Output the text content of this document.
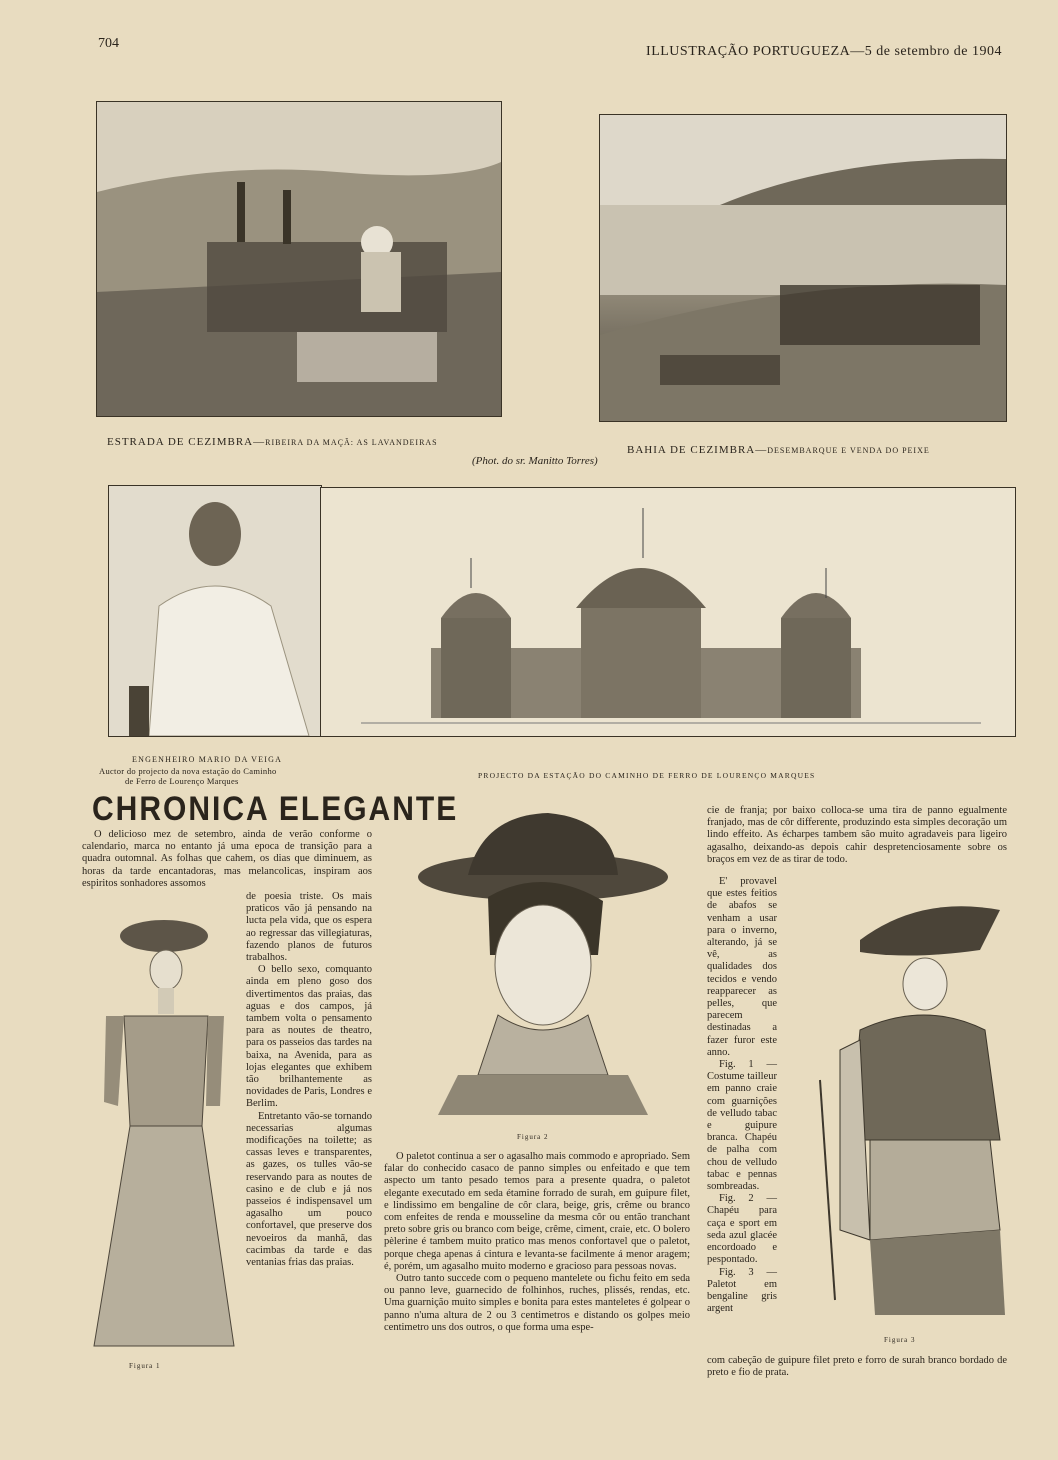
704
ILLUSTRAÇÃO PORTUGUEZA—5 de setembro de 1904
ESTRADA DE CEZIMBRA—RIBEIRA DA MAÇÃ: AS LAVANDEIRAS
BAHIA DE CEZIMBRA—DESEMBARQUE E VENDA DO PEIXE
(Phot. do sr. Manitto Torres)
ENGENHEIRO MARIO DA VEIGA
Auctor do projecto da nova estação do Caminho
de Ferro de Lourenço Marques
PROJECTO DA ESTAÇÃO DO CAMINHO DE FERRO DE LOURENÇO MARQUES
CHRONICA ELEGANTE

O delicioso mez de setembro, ainda de verão conforme o calendario, marca no entanto já uma epoca de transição para a quadra outomnal. As folhas que cahem, os dias que diminuem, as horas da tarde encantadoras, mas melancolicas, inspiram aos espiritos sonhadores assomos

de poesia triste. Os mais praticos vão já pensando na lucta pela vida, que os espera ao regressar das villegiaturas, fazendo planos de futuros trabalhos.

O bello sexo, comquanto ainda em pleno goso dos divertimentos das praias, das aguas e dos campos, já tambem volta o pensamento para as noutes de theatro, para os passeios das tardes na baixa, na Avenida, para as lojas elegantes que exhibem tão brilhantemente as novidades de Paris, Londres e Berlim.

Entretanto vão-se tornando necessarias algumas modificações na toilette; as cassas leves e transparentes, as gazes, os tulles vão-se reservando para as noutes de casino e de club e já nos passeios é indispensavel um agasalho um pouco confortavel, que preserve dos nevoeiros da manhã, das cacimbas da tarde e das ventanias frias das praias.

Figura 1
Figura 2

O paletot continua a ser o agasalho mais commodo e apropriado. Sem falar do conhecido casaco de panno simples ou enfeitado e que tem aspecto um tanto pesado temos para a presente quadra, o paletot elegante executado em seda étamine forrado de surah, em guipure filet, e lindissimo em bengaline de côr clara, beige, gris, crême ou branco com enfeites de renda e mousseline da mesma côr ou então tranchant preto sobre gris ou branco com beige, crême, ciment, craie, etc. O bolero pèlerine é tambem muito pratico mas menos confortavel que o paletot, porque chega apenas á cintura e levanta-se facilmente á menor aragem; é, porém, um agasalho muito moderno e gracioso para pessoas novas.

Outro tanto succede com o pequeno mantelete ou fichu feito em seda ou panno leve, guarnecido de folhinhos, ruches, plissés, rendas, etc. Uma guarnição muito simples e bonita para estes manteletes é golpear o panno n'uma altura de 2 ou 3 centimetros e distando os golpes meio centimetro uns dos outros, o que forma uma espe-

cie de franja; por baixo colloca-se uma tira de panno egualmente franjado, mas de côr differente, produzindo esta simples decoração um lindo effeito. As écharpes tambem são muito agradaveis para ligeiro agasalho, deixando-as depois cahir despretenciosamente sobre os braços em vez de as tirar de todo.

E' provavel que estes feitios de abafos se venham a usar para o inverno, alterando, já se vê, as qualidades dos tecidos e vendo reapparecer as pelles, que parecem destinadas a fazer furor este anno.

Fig. 1 — Costume tailleur em panno craie com guarnições de velludo tabac e guipure branca. Chapéu de palha com chou de velludo tabac e pennas sombreadas.

Fig. 2 — Chapéu para caça e sport em seda azul glacée encordoado e pespontado.

Fig. 3 — Paletot em bengaline gris argent

com cabeção de guipure filet preto e forro de surah branco bordado de preto e fio de prata.

Figura 3
